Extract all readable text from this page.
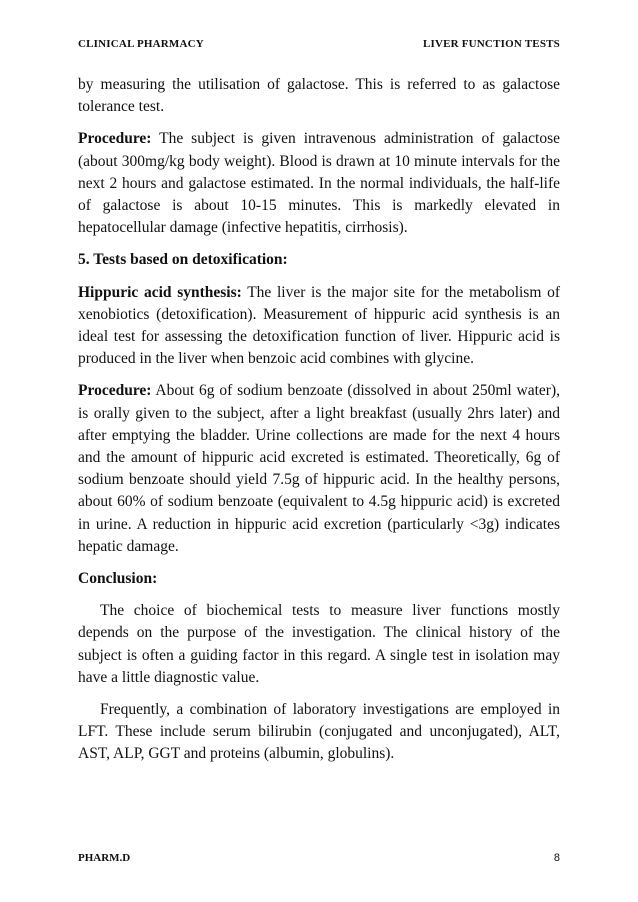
CLINICAL PHARMACY	LIVER FUNCTION TESTS

by measuring the utilisation of galactose. This is referred to as galactose tolerance test.

Procedure: The subject is given intravenous administration of galactose (about 300mg/kg body weight). Blood is drawn at 10 minute intervals for the next 2 hours and galactose estimated. In the normal individuals, the half-life of galactose is about 10-15 minutes. This is markedly elevated in hepatocellular damage (infective hepatitis, cirrhosis).

5. Tests based on detoxification:

Hippuric acid synthesis: The liver is the major site for the metabolism of xenobiotics (detoxification). Measurement of hippuric acid synthesis is an ideal test for assessing the detoxification function of liver. Hippuric acid is produced in the liver when benzoic acid combines with glycine.

Procedure: About 6g of sodium benzoate (dissolved in about 250ml water), is orally given to the subject, after a light breakfast (usually 2hrs later) and after emptying the bladder. Urine collections are made for the next 4 hours and the amount of hippuric acid excreted is estimated. Theoretically, 6g of sodium benzoate should yield 7.5g of hippuric acid. In the healthy persons, about 60% of sodium benzoate (equivalent to 4.5g hippuric acid) is excreted in urine. A reduction in hippuric acid excretion (particularly <3g) indicates hepatic damage.

Conclusion:

The choice of biochemical tests to measure liver functions mostly depends on the purpose of the investigation. The clinical history of the subject is often a guiding factor in this regard. A single test in isolation may have a little diagnostic value.

Frequently, a combination of laboratory investigations are employed in LFT. These include serum bilirubin (conjugated and unconjugated), ALT, AST, ALP, GGT and proteins (albumin, globulins).

PHARM.D	8
